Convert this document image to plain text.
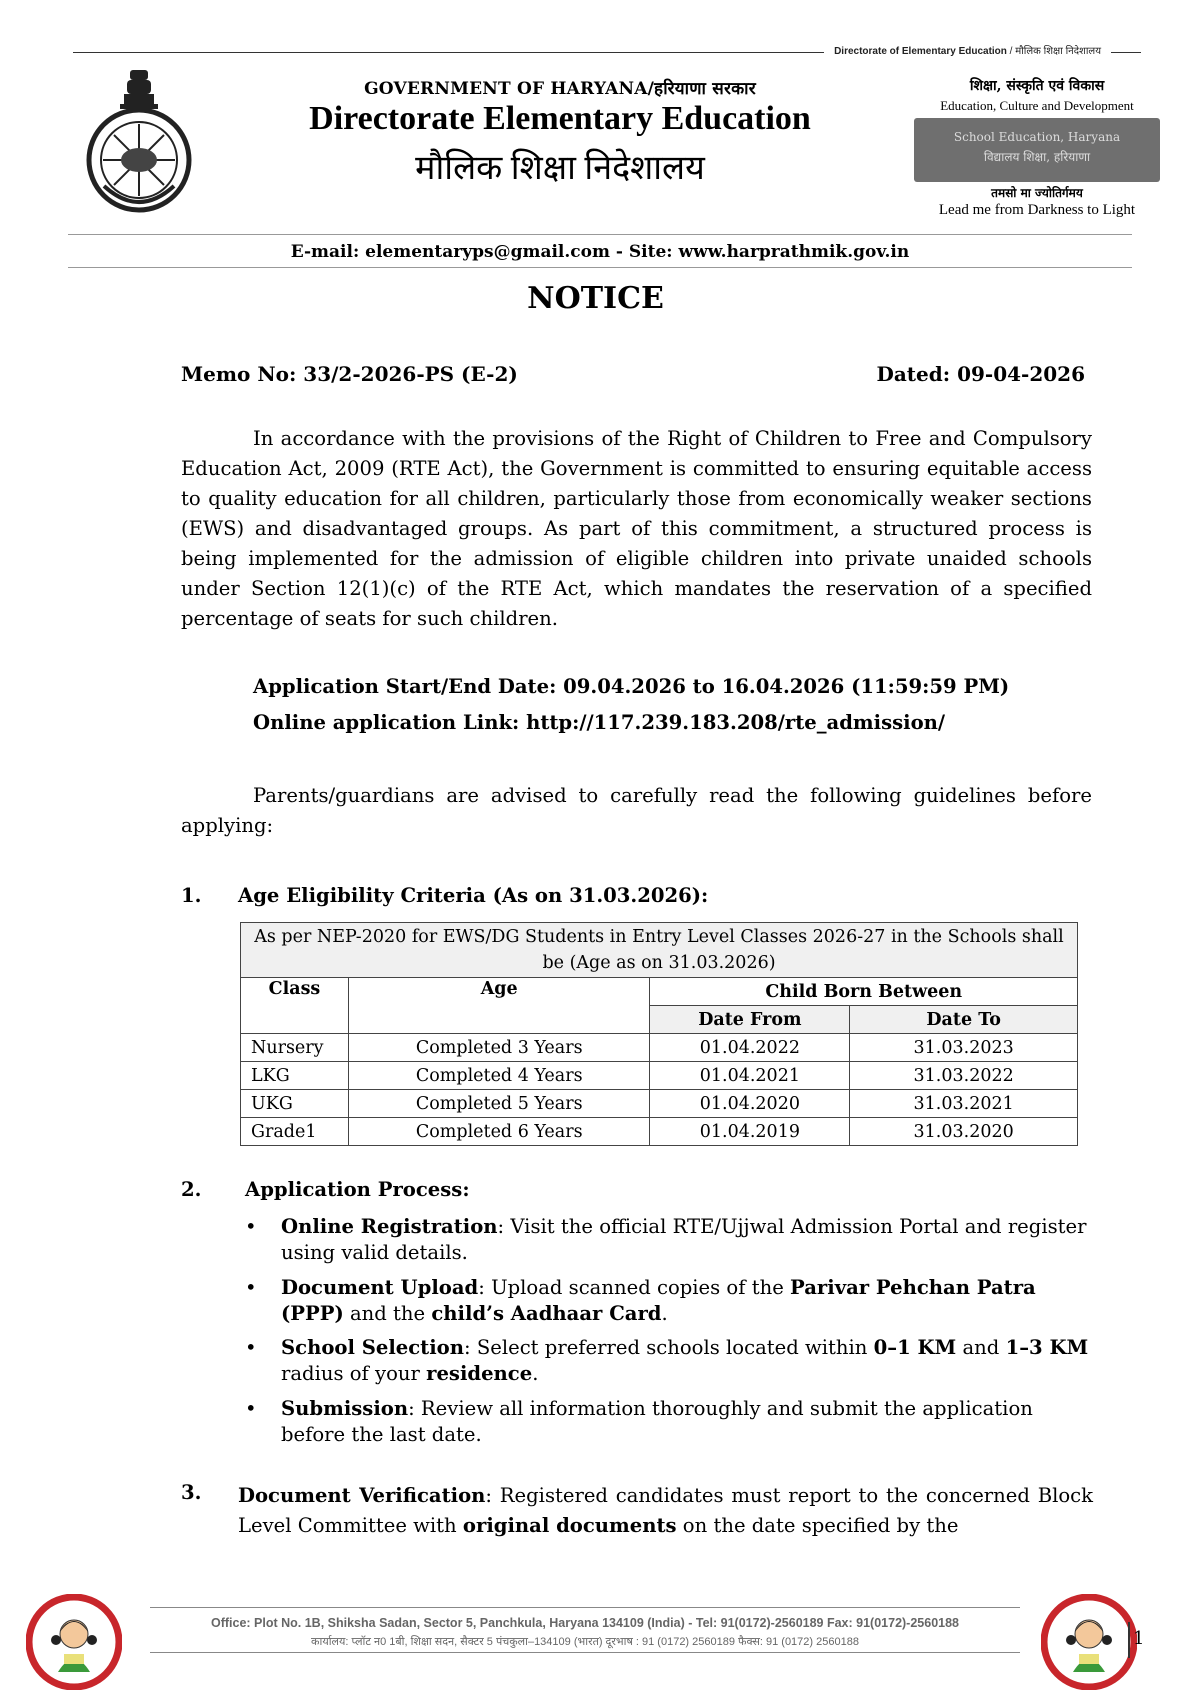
Directorate of Elementary Education / मौलिक शिक्षा निदेशालय
GOVERNMENT OF HARYANA/हरियाणा सरकार
Directorate Elementary Education
मौलिक शिक्षा निदेशालय
शिक्षा, संस्कृति एवं विकास
Education, Culture and Development
School Education, Haryana
विद्यालय शिक्षा, हरियाणा
तमसो मा ज्योतिर्गमय
Lead me from Darkness to Light
E-mail: elementaryps@gmail.com - Site: www.harprathmik.gov.in
NOTICE
Memo No: 33/2-2026-PS (E-2)	Dated: 09-04-2026
In accordance with the provisions of the Right of Children to Free and Compulsory Education Act, 2009 (RTE Act), the Government is committed to ensuring equitable access to quality education for all children, particularly those from economically weaker sections (EWS) and disadvantaged groups. As part of this commitment, a structured process is being implemented for the admission of eligible children into private unaided schools under Section 12(1)(c) of the RTE Act, which mandates the reservation of a specified percentage of seats for such children.
Application Start/End Date: 09.04.2026 to 16.04.2026 (11:59:59 PM)
Online application Link: http://117.239.183.208/rte_admission/
Parents/guardians are advised to carefully read the following guidelines before applying:
1. Age Eligibility Criteria (As on 31.03.2026):
As per NEP-2020 for EWS/DG Students in Entry Level Classes 2026-27 in the Schools shall be (Age as on 31.03.2026)			
Class	Age	Child Born Between	
		Date From	Date To
Nursery	Completed 3 Years	01.04.2022	31.03.2023
LKG	Completed 4 Years	01.04.2021	31.03.2022
UKG	Completed 5 Years	01.04.2020	31.03.2021
Grade1	Completed 6 Years	01.04.2019	31.03.2020
2. Application Process:
• Online Registration: Visit the official RTE/Ujjwal Admission Portal and register using valid details.
• Document Upload: Upload scanned copies of the Parivar Pehchan Patra (PPP) and the child’s Aadhaar Card.
• School Selection: Select preferred schools located within 0–1 KM and 1–3 KM radius of your residence.
• Submission: Review all information thoroughly and submit the application before the last date.
3. Document Verification: Registered candidates must report to the concerned Block Level Committee with original documents on the date specified by the
Office: Plot No. 1B, Shiksha Sadan, Sector 5, Panchkula, Haryana 134109 (India) - Tel: 91(0172)-2560189 Fax: 91(0172)-2560188
कार्यालय: प्लॉट न0 1बी, शिक्षा सदन, सैक्टर 5 पंचकुला–134109 (भारत) दूरभाष : 91 (0172) 2560189 फैक्स: 91 (0172) 2560188	1
